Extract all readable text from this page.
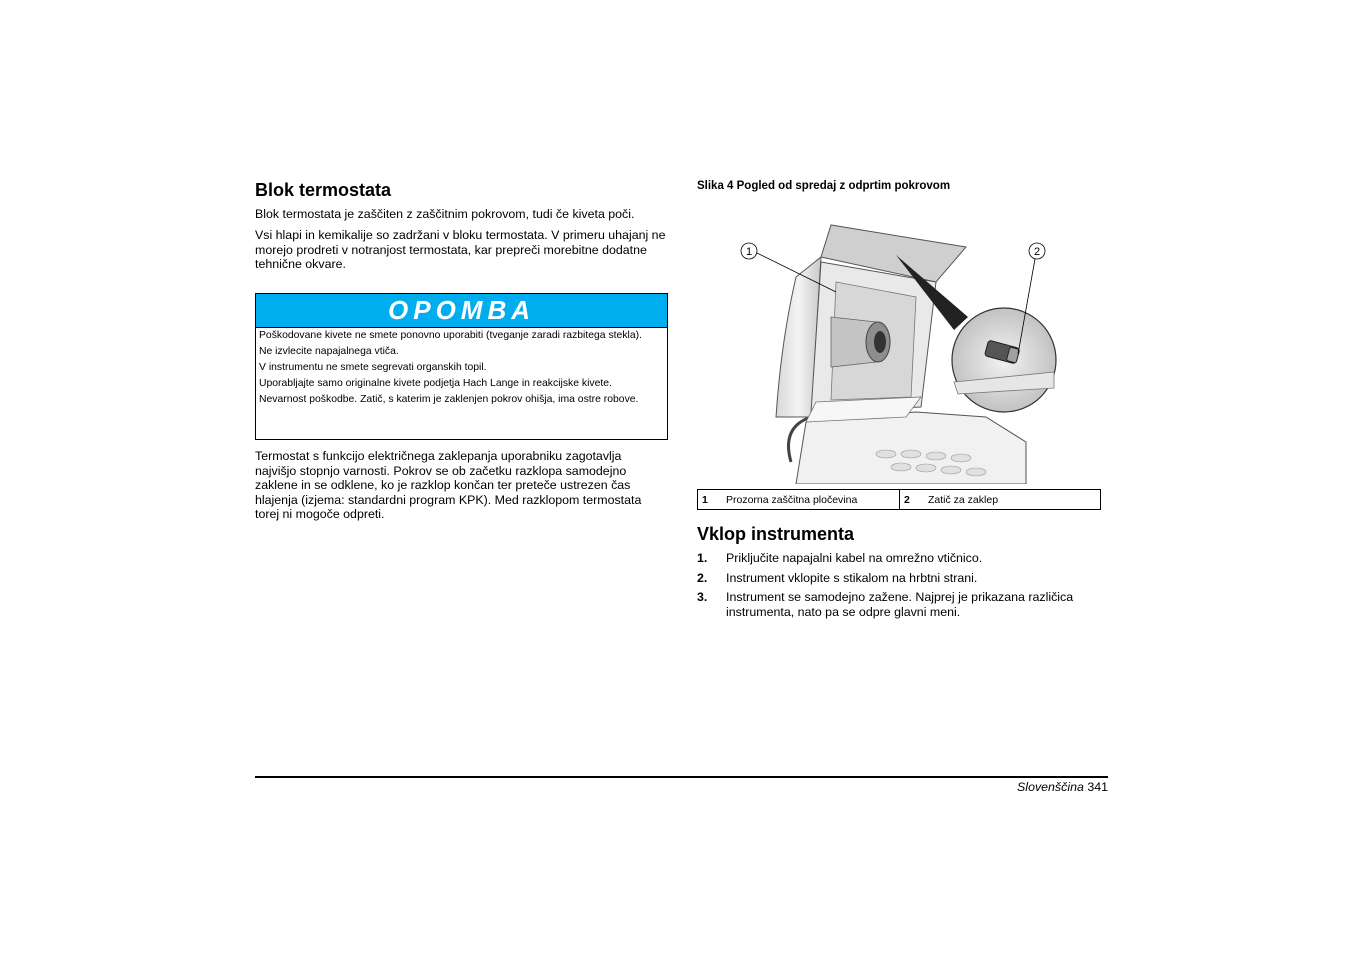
Blok termostata

Blok termostata je zaščiten z zaščitnim pokrovom, tudi če kiveta poči.

Vsi hlapi in kemikalije so zadržani v bloku termostata. V primeru uhajanj ne morejo prodreti v notranjost termostata, kar prepreči morebitne dodatne tehnične okvare.

OPOMBA
Poškodovane kivete ne smete ponovno uporabiti (tveganje zaradi razbitega stekla).
Ne izvlecite napajalnega vtiča.
V instrumentu ne smete segrevati organskih topil.
Uporabljajte samo originalne kivete podjetja Hach Lange in reakcijske kivete.
Nevarnost poškodbe. Zatič, s katerim je zaklenjen pokrov ohišja, ima ostre robove.

Termostat s funkcijo električnega zaklepanja uporabniku zagotavlja najvišjo stopnjo varnosti. Pokrov se ob začetku razklopa samodejno zaklene in se odklene, ko je razklop končan ter preteče ustrezen čas hlajenja (izjema: standardni program KPK). Med razklopom termostata torej ni mogoče odpreti.

Slika 4 Pogled od spredaj z odprtim pokrovom
1	2
1	Prozorna zaščitna pločevina	2	Zatič za zaklep
Vklop instrumenta
1.	Priključite napajalni kabel na omrežno vtičnico.
2.	Instrument vklopite s stikalom na hrbtni strani.
3.	Instrument se samodejno zažene. Najprej je prikazana različica instrumenta, nato pa se odpre glavni meni.
Slovenščina 341
